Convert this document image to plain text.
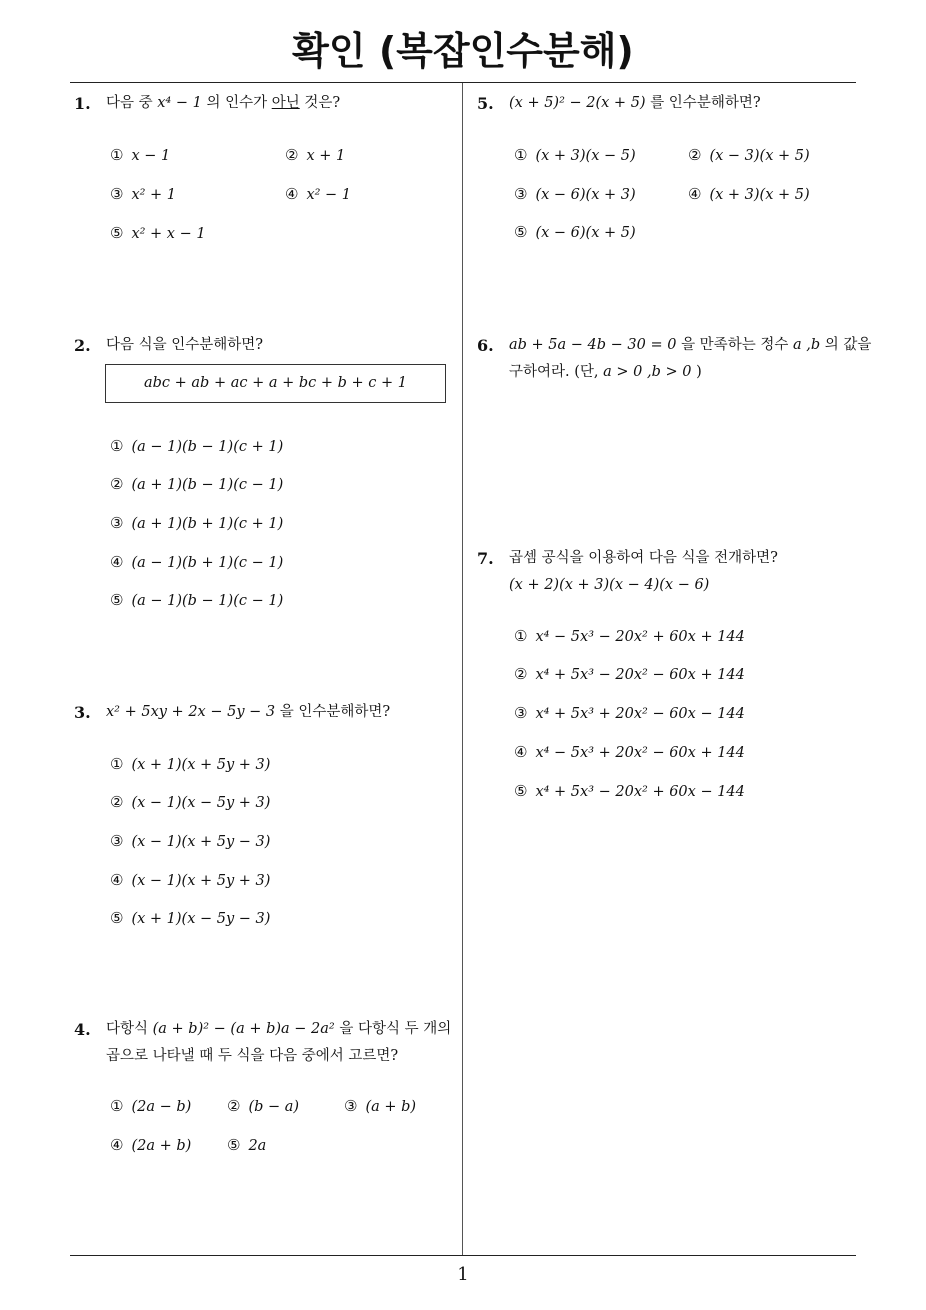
확인 (복잡인수분해)
1
1. 다음 중 x⁴ − 1 의 인수가 아닌 것은?
① x − 1	② x + 1
③ x² + 1	④ x² − 1
⑤ x² + x − 1
2. 다음 식을 인수분해하면?
abc + ab + ac + a + bc + b + c + 1
① (a − 1)(b − 1)(c + 1)
② (a + 1)(b − 1)(c − 1)
③ (a + 1)(b + 1)(c + 1)
④ (a − 1)(b + 1)(c − 1)
⑤ (a − 1)(b − 1)(c − 1)
3. x² + 5xy + 2x − 5y − 3 을 인수분해하면?
① (x + 1)(x + 5y + 3)
② (x − 1)(x − 5y + 3)
③ (x − 1)(x + 5y − 3)
④ (x − 1)(x + 5y + 3)
⑤ (x + 1)(x − 5y − 3)
4. 다항식 (a + b)² − (a + b)a − 2a² 을 다항식 두 개의
곱으로 나타낼 때 두 식을 다음 중에서 고르면?
① (2a − b) ② (b − a)	③ (a + b)
④ (2a + b) ⑤ 2a
5. (x + 5)² − 2(x + 5) 를 인수분해하면?
① (x + 3)(x − 5)	② (x − 3)(x + 5)
③ (x − 6)(x + 3)	④ (x + 3)(x + 5)
⑤ (x − 6)(x + 5)
6. ab + 5a − 4b − 30 = 0 을 만족하는 정수 a ,b 의 값을
구하여라. (단, a > 0 ,b > 0 )
7. 곱셈 공식을 이용하여 다음 식을 전개하면?
(x + 2)(x + 3)(x − 4)(x − 6)
① x⁴ − 5x³ − 20x² + 60x + 144
② x⁴ + 5x³ − 20x² − 60x + 144
③ x⁴ + 5x³ + 20x² − 60x − 144
④ x⁴ − 5x³ + 20x² − 60x + 144
⑤ x⁴ + 5x³ − 20x² + 60x − 144
